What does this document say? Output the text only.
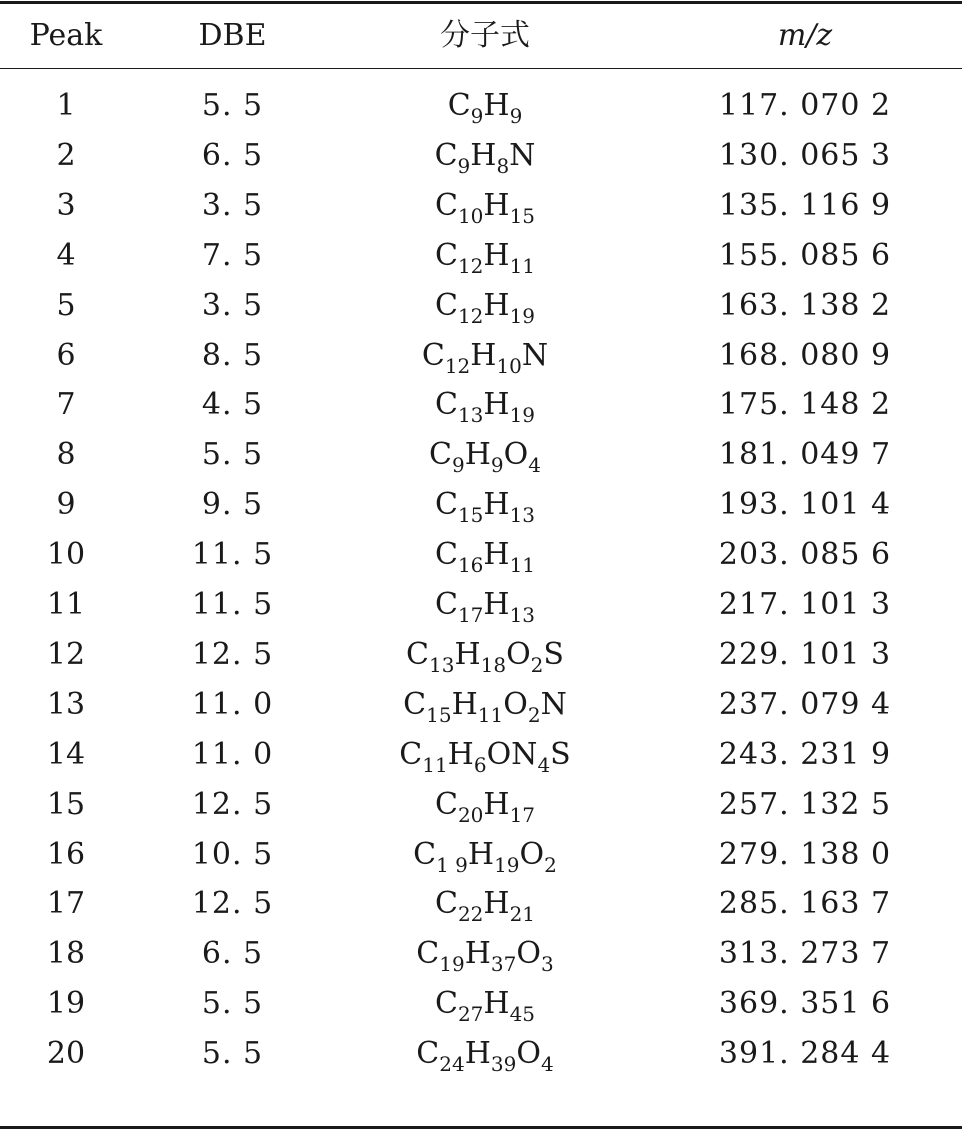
Peak	DBE	分子式	m/z
1	5. 5	$C_9H_9$	117. 070 2
2	6. 5	$C_9H_8N$	130. 065 3
3	3. 5	$C_{10}H_{15}$	135. 116 9
4	7. 5	$C_{12}H_{11}$	155. 085 6
5	3. 5	$C_{12}H_{19}$	163. 138 2
6	8. 5	$C_{12}H_{10}N$	168. 080 9
7	4. 5	$C_{13}H_{19}$	175. 148 2
8	5. 5	$C_9H_9O_4$	181. 049 7
9	9. 5	$C_{15}H_{13}$	193. 101 4
10	11. 5	$C_{16}H_{11}$	203. 085 6
11	11. 5	$C_{17}H_{13}$	217. 101 3
12	12. 5	$C_{13}H_{18}O_2S$	229. 101 3
13	11. 0	$C_{15}H_{11}O_2N$	237. 079 4
14	11. 0	$C_{11}H_6ON_4S$	243. 231 9
15	12. 5	$C_{20}H_{17}$	257. 132 5
16	10. 5	$C_{1 9}H_{19}O_2$	279. 138 0
17	12. 5	$C_{22}H_{21}$	285. 163 7
18	6. 5	$C_{19}H_{37}O_3$	313. 273 7
19	5. 5	$C_{27}H_{45}$	369. 351 6
20	5. 5	$C_{24}H_{39}O_4$	391. 284 4
